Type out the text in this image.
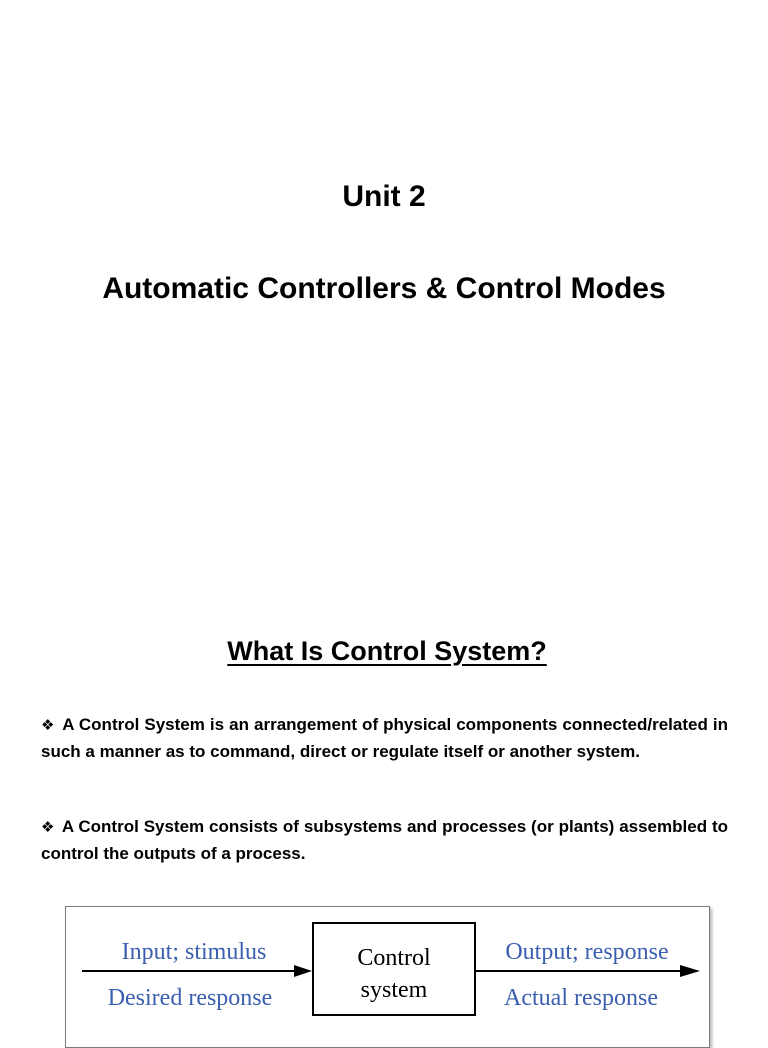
Unit 2
Automatic Controllers & Control Modes
What Is Control System?
❖ A Control System is an arrangement of physical components connected/related in such a manner as to command, direct or regulate itself or another system.
❖ A Control System consists of subsystems and processes (or plants) assembled to control the outputs of a process.
Input; stimulus
Desired response
Control
system
Output; response
Actual response
